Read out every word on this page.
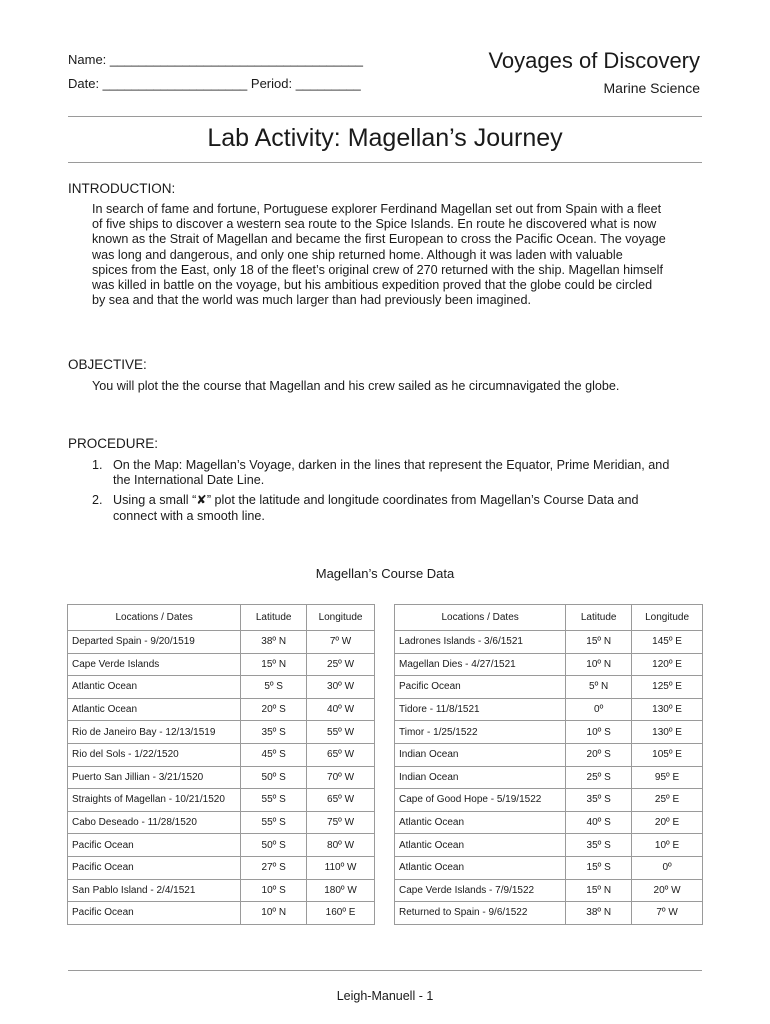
Name: ___________________________________
Date: ____________________ Period: _________
Voyages of Discovery
Marine Science
Lab Activity: Magellan’s Journey
INTRODUCTION:
In search of fame and fortune, Portuguese explorer Ferdinand Magellan set out from Spain with a fleet
of five ships to discover a western sea route to the Spice Islands. En route he discovered what is now
known as the Strait of Magellan and became the first European to cross the Pacific Ocean. The voyage
was long and dangerous, and only one ship returned home. Although it was laden with valuable
spices from the East, only 18 of the fleet’s original crew of 270 returned with the ship. Magellan himself
was killed in battle on the voyage, but his ambitious expedition proved that the globe could be circled
by sea and that the world was much larger than had previously been imagined.
OBJECTIVE:
You will plot the the course that Magellan and his crew sailed as he circumnavigated the globe.
PROCEDURE:
1. On the Map: Magellan’s Voyage, darken in the lines that represent the Equator, Prime Meridian, and
the International Date Line.
2. Using a small “✘” plot the latitude and longitude coordinates from Magellan’s Course Data and
connect with a smooth line.
Magellan’s Course Data
Locations / Dates	Latitude	Longitude
Departed Spain - 9/20/1519	38º N	7º W
Cape Verde Islands	15º N	25º W
Atlantic Ocean	5º S	30º W
Atlantic Ocean	20º S	40º W
Rio de Janeiro Bay - 12/13/1519	35º S	55º W
Rio del Sols - 1/22/1520	45º S	65º W
Puerto San Jillian - 3/21/1520	50º S	70º W
Straights of Magellan - 10/21/1520	55º S	65º W
Cabo Deseado - 11/28/1520	55º S	75º W
Pacific Ocean	50º S	80º W
Pacific Ocean	27º S	110º W
San Pablo Island - 2/4/1521	10º S	180º W
Pacific Ocean	10º N	160º E
Locations / Dates	Latitude	Longitude
Ladrones Islands - 3/6/1521	15º N	145º E
Magellan Dies - 4/27/1521	10º N	120º E
Pacific Ocean	5º N	125º E
Tidore - 11/8/1521	0º	130º E
Timor - 1/25/1522	10º S	130º E
Indian Ocean	20º S	105º E
Indian Ocean	25º S	95º E
Cape of Good Hope - 5/19/1522	35º S	25º E
Atlantic Ocean	40º S	20º E
Atlantic Ocean	35º S	10º E
Atlantic Ocean	15º S	0º
Cape Verde Islands - 7/9/1522	15º N	20º W
Returned to Spain - 9/6/1522	38º N	7º W
Leigh-Manuell - 1
